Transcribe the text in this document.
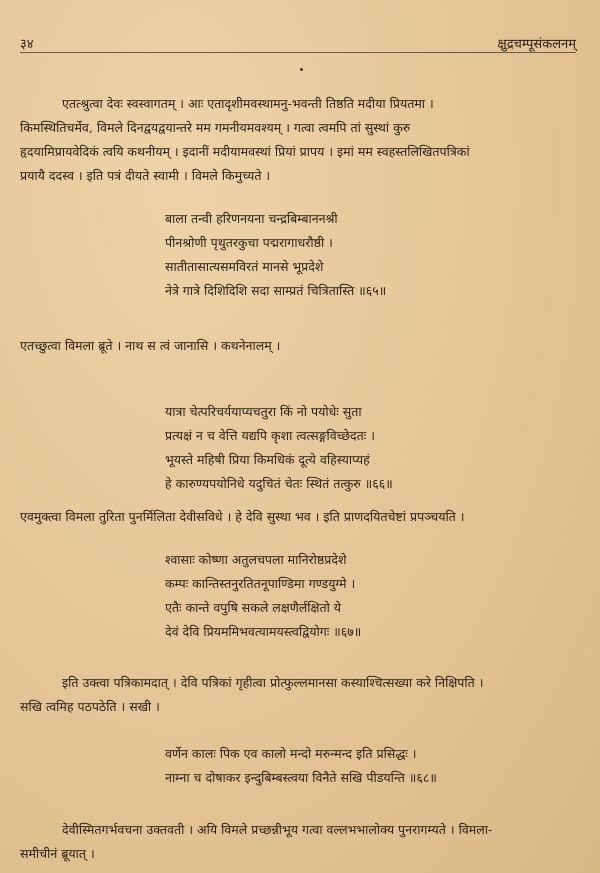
३४	क्षुद्रचम्पूसंकलनम्
एतत्श्रुत्वा देवः स्वस्वागतम् । आः एतादृशीमवस्थामनु-भवन्ती तिष्ठति मदीया प्रियतमा ।
किमस्थितिचर्मेव, विमले दिनद्वयद्वयान्तरे मम गमनीयमवश्यम् । गत्वा त्वमपि तां सुस्थां कुरु
हृदयामिप्रायवेदिकं त्वयि कथनीयम् । इदानीं मदीयामवस्थां प्रियां प्रापय । इमां मम स्वहस्तलिखितपत्रिकां
प्रयायै ददस्व । इति पत्रं दीयते स्वामी । विमले किमुच्यते ।
बाला तन्वी हरिणनयना चन्द्रबिम्बाननश्री
पीनश्रोणी पृथुतरकुचा पद्मरागाधरौष्ठी ।
सातीतासात्यसमविरतं मानसे भूप्रदेशे
नेत्रे गात्रे दिशिदिशि सदा साम्प्रतं चित्रितास्ति ॥६५॥
एतच्छुत्वा विमला ब्रूते । नाथ स त्वं जानासि । कथनेनालम् ।
यात्रा चेत्परिचर्ययाप्यचतुरा किं नो पयोधेः सुता
प्रत्यक्षं न च वेत्ति यद्यपि कृशा त्वत्सङ्गविच्छेदतः ।
भूयस्ते महिषी प्रिया किमधिकं दूत्ये वहिस्याप्यहं
हे कारुण्यपयोनिधे यदुचितं चेतः स्थितं तत्कुरु ॥६६॥
एवमुक्त्वा विमला तुरिता पुनर्मिलिता देवीसविधे । हे देवि सुस्था भव । इति प्राणदयितचेष्टां प्रपञ्चयति ।
श्वासाः कोष्णा अतुलचपला मानिरोष्ठप्रदेशे
कम्पः कान्तिस्तनुरतितनूपाण्डिमा गण्डयुग्मे ।
एतैः कान्ते वपुषि सकले लक्षणैर्लक्षितो ये
देवं देवि प्रियममिभवत्यामयस्त्वद्वियोगः ॥६७॥
इति उक्त्वा पत्रिकामदात् । देवि पत्रिकां गृहीत्वा प्रोत्फुल्लमानसा कस्याश्चित्सख्या करे निक्षिपति ।
सखि त्वमिह पठपठेति । सखी ।
वर्णेन कालः पिक एव कालो मन्दो मरुन्मन्द इति प्रसिद्धः ।
नाम्ना च दोषाकर इन्दुबिम्बस्त्वया विनैते सखि पीडयन्ति ॥६८॥
देवीस्मितगर्भवचना उक्तवती । अयि विमले प्रच्छन्नीभूय गत्वा वल्लभभालोक्य पुनरागम्यते । विमला-
समीचीनं ब्रूयात् ।
